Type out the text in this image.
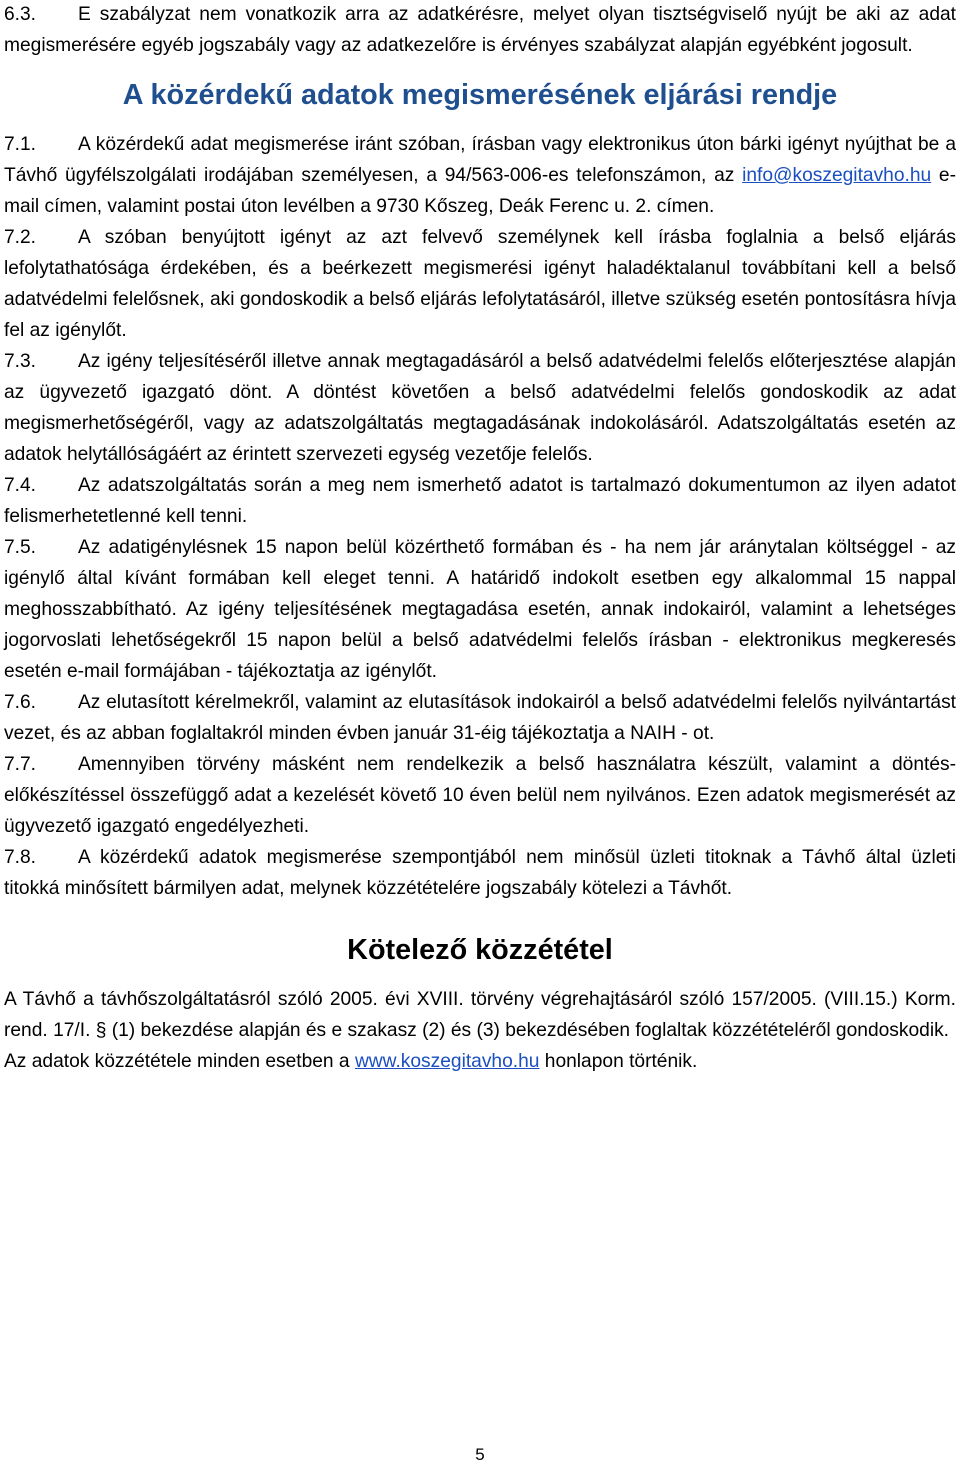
6.3. E szabályzat nem vonatkozik arra az adatkérésre, melyet olyan tisztségviselő nyújt be aki az adat megismerésére egyéb jogszabály vagy az adatkezelőre is érvényes szabályzat alapján egyébként jogosult.

A közérdekű adatok megismerésének eljárási rendje

7.1. A közérdekű adat megismerése iránt szóban, írásban vagy elektronikus úton bárki igényt nyújthat be a Távhő ügyfélszolgálati irodájában személyesen, a 94/563-006-es telefonszámon, az info@koszegitavho.hu e-mail címen, valamint postai úton levélben a 9730 Kőszeg, Deák Ferenc u. 2. címen.

7.2. A szóban benyújtott igényt az azt felvevő személynek kell írásba foglalnia a belső eljárás lefolytathatósága érdekében, és a beérkezett megismerési igényt haladéktalanul továbbítani kell a belső adatvédelmi felelősnek, aki gondoskodik a belső eljárás lefolytatásáról, illetve szükség esetén pontosításra hívja fel az igénylőt.

7.3. Az igény teljesítéséről illetve annak megtagadásáról a belső adatvédelmi felelős előterjesztése alapján az ügyvezető igazgató dönt. A döntést követően a belső adatvédelmi felelős gondoskodik az adat megismerhetőségéről, vagy az adatszolgáltatás megtagadásának indokolásáról. Adatszolgáltatás esetén az adatok helytállóságáért az érintett szervezeti egység vezetője felelős.

7.4. Az adatszolgáltatás során a meg nem ismerhető adatot is tartalmazó dokumentumon az ilyen adatot felismerhetetlenné kell tenni.

7.5. Az adatigénylésnek 15 napon belül közérthető formában és - ha nem jár aránytalan költséggel - az igénylő által kívánt formában kell eleget tenni. A határidő indokolt esetben egy alkalommal 15 nappal meghosszabbítható. Az igény teljesítésének megtagadása esetén, annak indokairól, valamint a lehetséges jogorvoslati lehetőségekről 15 napon belül a belső adatvédelmi felelős írásban - elektronikus megkeresés esetén e-mail formájában - tájékoztatja az igénylőt.

7.6. Az elutasított kérelmekről, valamint az elutasítások indokairól a belső adatvédelmi felelős nyilvántartást vezet, és az abban foglaltakról minden évben január 31-éig tájékoztatja a NAIH - ot.

7.7. Amennyiben törvény másként nem rendelkezik a belső használatra készült, valamint a döntés-előkészítéssel összefüggő adat a kezelését követő 10 éven belül nem nyilvános. Ezen adatok megismerését az ügyvezető igazgató engedélyezheti.

7.8. A közérdekű adatok megismerése szempontjából nem minősül üzleti titoknak a Távhő által üzleti titokká minősített bármilyen adat, melynek közzétételére jogszabály kötelezi a Távhőt.

Kötelező közzététel

A Távhő a távhőszolgáltatásról szóló 2005. évi XVIII. törvény végrehajtásáról szóló 157/2005. (VIII.15.) Korm. rend. 17/I. § (1) bekezdése alapján és e szakasz (2) és (3) bekezdésében foglaltak közzétételéről gondoskodik.

Az adatok közzététele minden esetben a www.koszegitavho.hu honlapon történik.

5
